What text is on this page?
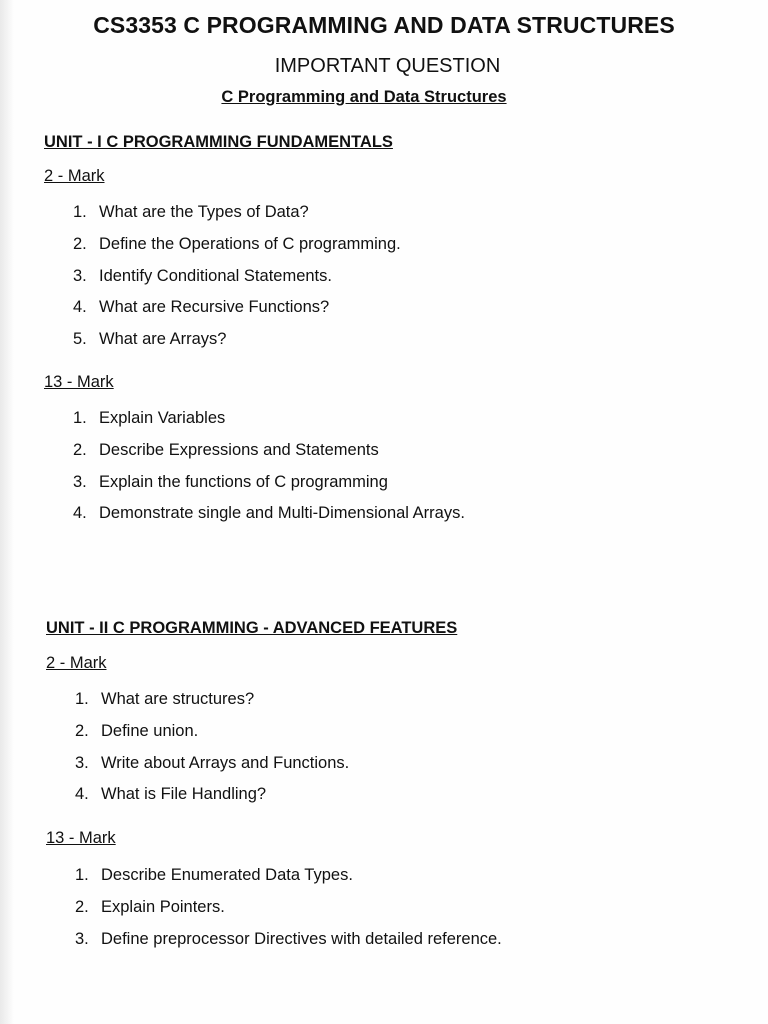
CS3353 C PROGRAMMING AND DATA STRUCTURES
IMPORTANT QUESTION
C Programming and Data Structures
UNIT - I C PROGRAMMING FUNDAMENTALS
2 - Mark
1. What are the Types of Data?
2. Define the Operations of C programming.
3. Identify Conditional Statements.
4. What are Recursive Functions?
5. What are Arrays?
13 - Mark
1. Explain Variables
2. Describe Expressions and Statements
3. Explain the functions of C programming
4. Demonstrate single and Multi-Dimensional Arrays.
UNIT - II C PROGRAMMING - ADVANCED FEATURES
2 - Mark
1. What are structures?
2. Define union.
3. Write about Arrays and Functions.
4. What is File Handling?
13 - Mark
1. Describe Enumerated Data Types.
2. Explain Pointers.
3. Define preprocessor Directives with detailed reference.
